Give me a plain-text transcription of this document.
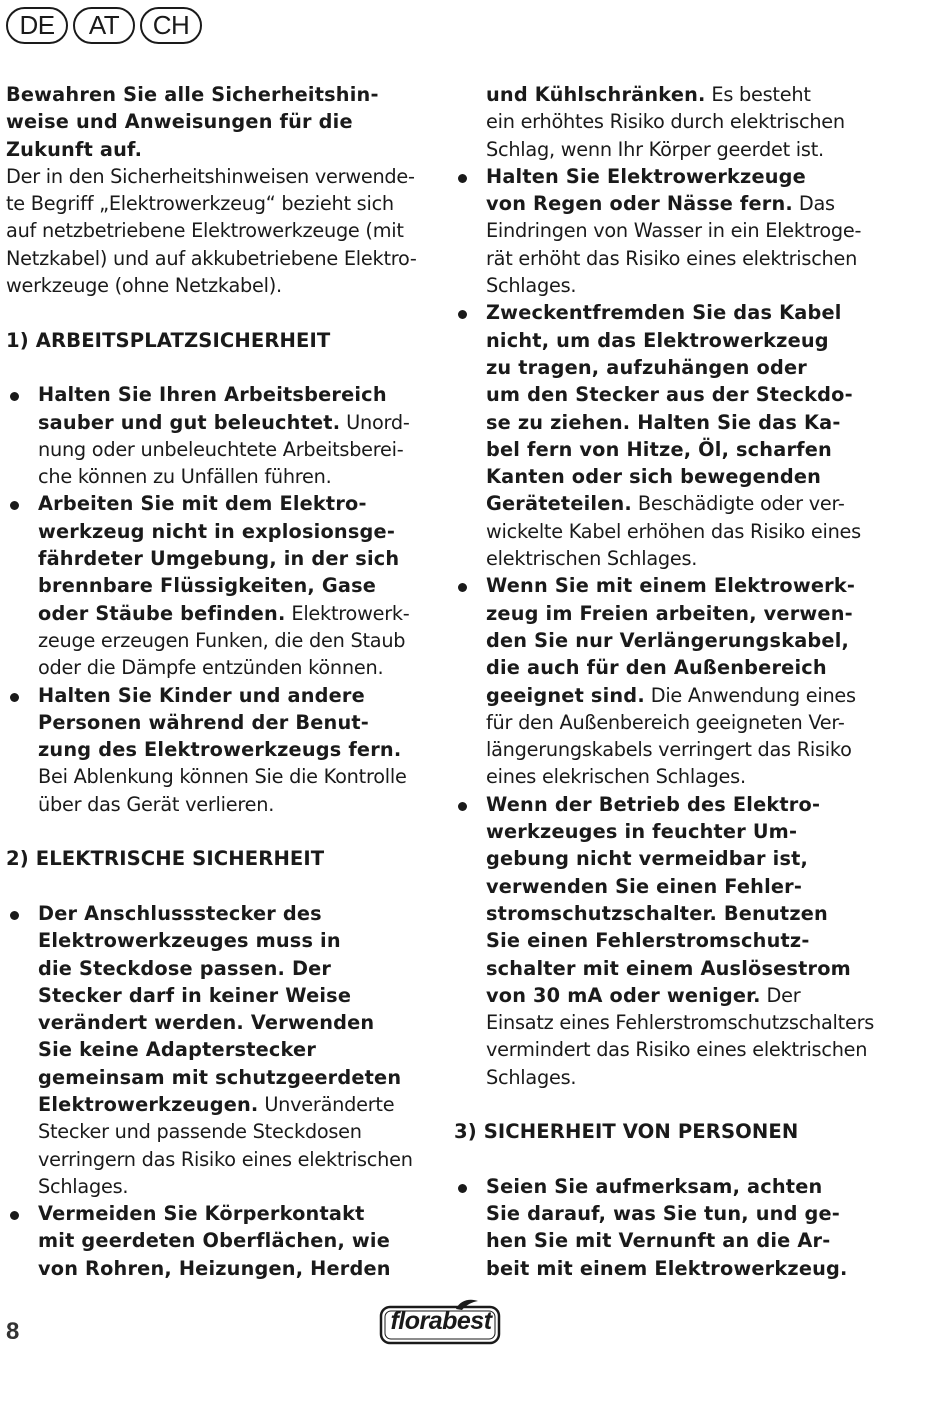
DE	AT	CH

Bewahren Sie alle Sicherheitshin-
weise und Anweisungen für die
Zukunft auf.
Der in den Sicherheitshinweisen verwende-
te Begriff „Elektrowerkzeug“ bezieht sich
auf netzbetriebene Elektrowerkzeuge (mit
Netzkabel) und auf akkubetriebene Elektro-
werkzeuge (ohne Netzkabel).

1) ARBEITSPLATZSICHERHEIT

Halten Sie Ihren Arbeitsbereich
sauber und gut beleuchtet. Unord-
nung oder unbeleuchtete Arbeitsberei-
che können zu Unfällen führen.
Arbeiten Sie mit dem Elektro-
werkzeug nicht in explosionsge-
fährdeter Umgebung, in der sich
brennbare Flüssigkeiten, Gase
oder Stäube befinden. Elektrowerk-
zeuge erzeugen Funken, die den Staub
oder die Dämpfe entzünden können.
Halten Sie Kinder und andere
Personen während der Benut-
zung des Elektrowerkzeugs fern.
Bei Ablenkung können Sie die Kontrolle
über das Gerät verlieren.

2) ELEKTRISCHE SICHERHEIT

Der Anschlussstecker des
Elektrowerkzeuges muss in
die Steckdose passen. Der
Stecker darf in keiner Weise
verändert werden. Verwenden
Sie keine Adapterstecker
gemeinsam mit schutzgeerdeten
Elektrowerkzeugen. Unveränderte
Stecker und passende Steckdosen
verringern das Risiko eines elektrischen
Schlages.
Vermeiden Sie Körperkontakt
mit geerdeten Oberflächen, wie
von Rohren, Heizungen, Herden
und Kühlschränken. Es besteht
ein erhöhtes Risiko durch elektrischen
Schlag, wenn Ihr Körper geerdet ist.
Halten Sie Elektrowerkzeuge
von Regen oder Nässe fern. Das
Eindringen von Wasser in ein Elektroge-
rät erhöht das Risiko eines elektrischen
Schlages.
Zweckentfremden Sie das Kabel
nicht, um das Elektrowerkzeug
zu tragen, aufzuhängen oder
um den Stecker aus der Steckdo-
se zu ziehen. Halten Sie das Ka-
bel fern von Hitze, Öl, scharfen
Kanten oder sich bewegenden
Geräteteilen. Beschädigte oder ver-
wickelte Kabel erhöhen das Risiko eines
elektrischen Schlages.
Wenn Sie mit einem Elektrowerk-
zeug im Freien arbeiten, verwen-
den Sie nur Verlängerungskabel,
die auch für den Außenbereich
geeignet sind. Die Anwendung eines
für den Außenbereich geeigneten Ver-
längerungskabels verringert das Risiko
eines elekrischen Schlages.
Wenn der Betrieb des Elektro-
werkzeuges in feuchter Um-
gebung nicht vermeidbar ist,
verwenden Sie einen Fehler-
stromschutzschalter. Benutzen
Sie einen Fehlerstromschutz-
schalter mit einem Auslösestrom
von 30 mA oder weniger. Der
Einsatz eines Fehlerstromschutzschalters
vermindert das Risiko eines elektrischen
Schlages.

3) SICHERHEIT VON PERSONEN

Seien Sie aufmerksam, achten
Sie darauf, was Sie tun, und ge-
hen Sie mit Vernunft an die Ar-
beit mit einem Elektrowerkzeug.
8	florabest
